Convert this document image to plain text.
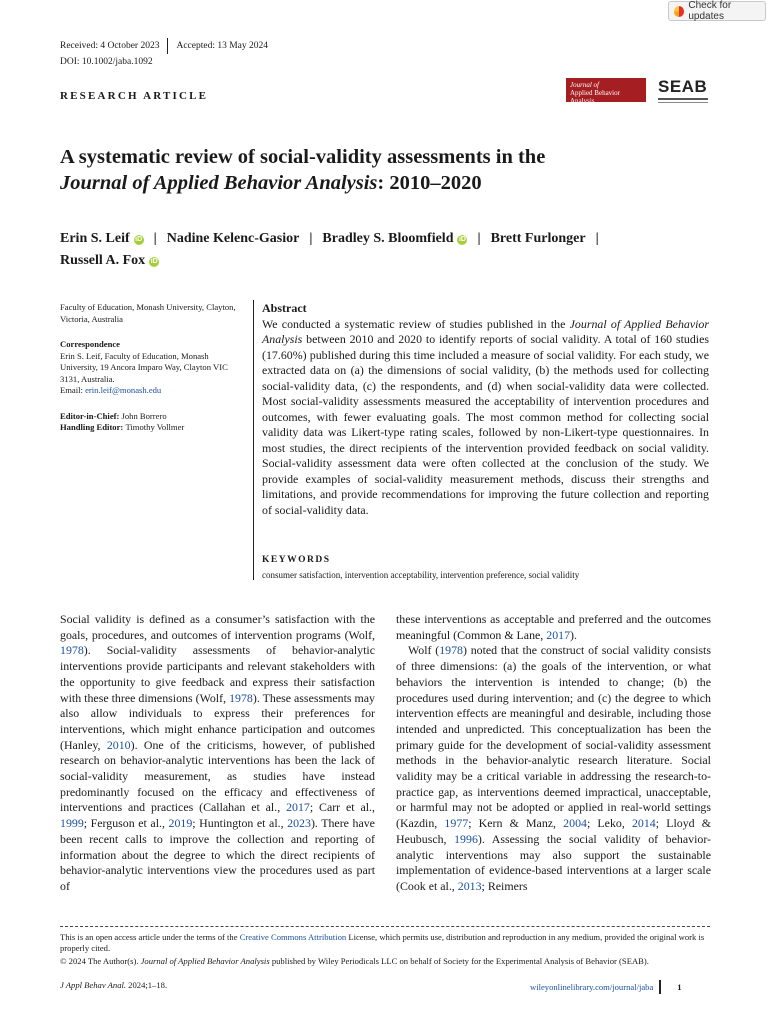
Check for updates
Received: 4 October 2023 Accepted: 13 May 2024
DOI: 10.1002/jaba.1092
RESEARCH ARTICLE
Journal of
Applied Behavior Analysis
SEAB
A systematic review of social-validity assessments in the
Journal of Applied Behavior Analysis: 2010–2020
Erin S. Leif iD | Nadine Kelenc-Gasior | Bradley S. Bloomfield iD | Brett Furlonger |
Russell A. Fox iD
Faculty of Education, Monash University, Clayton, Victoria, Australia
Correspondence
Erin S. Leif, Faculty of Education, Monash University, 19 Ancora Imparo Way, Clayton VIC 3131, Australia.
Email: erin.leif@monash.edu
Editor-in-Chief: John Borrero
Handling Editor: Timothy Vollmer
Abstract
We conducted a systematic review of studies published in the Journal of Applied Behavior Analysis between 2010 and 2020 to identify reports of social validity. A total of 160 studies (17.60%) published during this time included a measure of social validity. For each study, we extracted data on (a) the dimensions of social validity, (b) the methods used for collecting social-validity data, (c) the respondents, and (d) when social-validity data were collected. Most social-validity assessments measured the acceptability of intervention procedures and outcomes, with fewer evaluating goals. The most common method for collecting social validity data was Likert-type rating scales, followed by non-Likert-type questionnaires. In most studies, the direct recipients of the intervention provided feedback on social validity. Social-validity assessment data were often collected at the conclusion of the study. We provide examples of social-validity measurement methods, discuss their strengths and limitations, and provide recommendations for improving the future collection and reporting of social-validity data.
KEYWORDS
consumer satisfaction, intervention acceptability, intervention preference, social validity
Social validity is defined as a consumer’s satisfaction with the goals, procedures, and outcomes of intervention programs (Wolf, 1978). Social-validity assessments of behavior-analytic interventions provide participants and relevant stakeholders with the opportunity to give feedback and express their satisfaction with these three dimensions (Wolf, 1978). These assessments may also allow individuals to express their preferences for interventions, which might enhance participation and outcomes (Hanley, 2010). One of the criticisms, however, of published research on behavior-analytic interventions has been the lack of social-validity measurement, as studies have instead predominantly focused on the efficacy and effectiveness of interventions and practices (Callahan et al., 2017; Carr et al., 1999; Ferguson et al., 2019; Huntington et al., 2023). There have been recent calls to improve the collection and reporting of information about the degree to which the direct recipients of behavior-analytic interventions view the procedures used as part of
these interventions as acceptable and preferred and the outcomes meaningful (Common & Lane, 2017).
Wolf (1978) noted that the construct of social validity consists of three dimensions: (a) the goals of the intervention, or what behaviors the intervention is intended to change; (b) the procedures used during intervention; and (c) the degree to which intervention effects are meaningful and desirable, including those intended and unpredicted. This conceptualization has been the primary guide for the development of social-validity assessment methods in the behavior-analytic research literature. Social validity may be a critical variable in addressing the research-to-practice gap, as interventions deemed impractical, unacceptable, or harmful may not be adopted or applied in real-world settings (Kazdin, 1977; Kern & Manz, 2004; Leko, 2014; Lloyd & Heubusch, 1996). Assessing the social validity of behavior-analytic interventions may also support the sustainable implementation of evidence-based interventions at a larger scale (Cook et al., 2013; Reimers

This is an open access article under the terms of the Creative Commons Attribution License, which permits use, distribution and reproduction in any medium, provided the original work is properly cited.

© 2024 The Author(s). Journal of Applied Behavior Analysis published by Wiley Periodicals LLC on behalf of Society for the Experimental Analysis of Behavior (SEAB).

J Appl Behav Anal. 2024;1–18.	wileyonlinelibrary.com/journal/jaba	1
